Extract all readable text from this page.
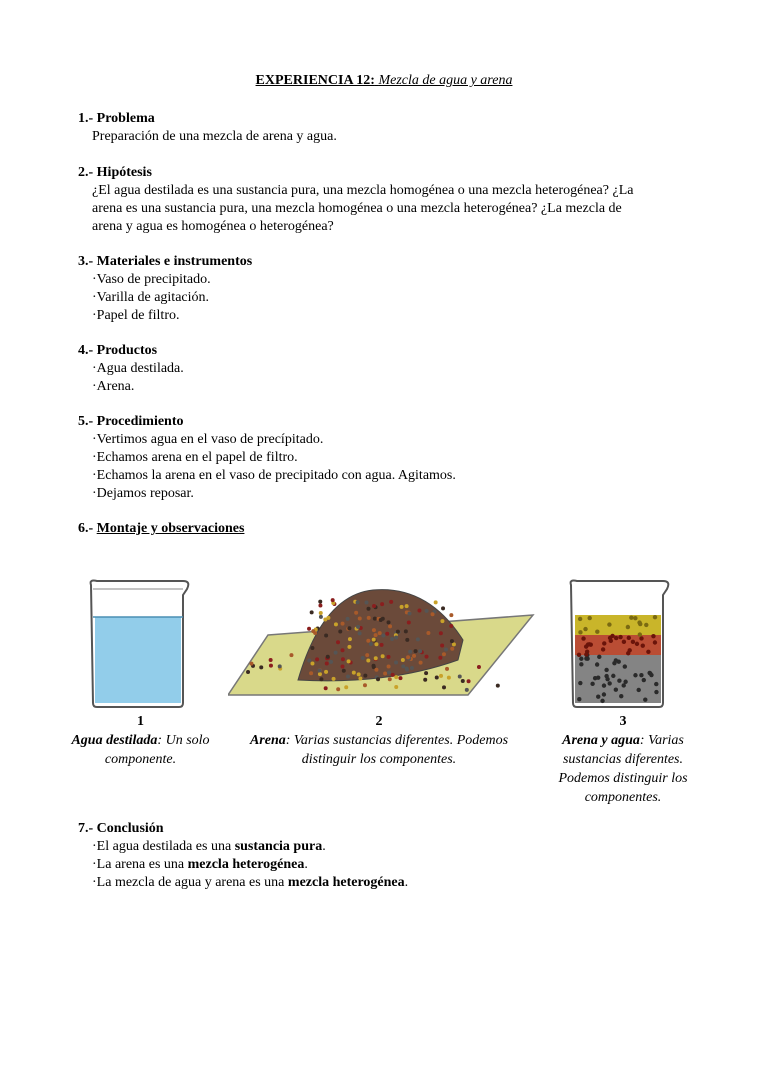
EXPERIENCIA 12: Mezcla de agua y arena
1.- Problema
Preparación de una mezcla de arena y agua.
2.- Hipótesis
¿El agua destilada es una sustancia pura, una mezcla homogénea o una mezcla heterogénea? ¿La
arena es una sustancia pura, una mezcla homogénea o una mezcla heterogénea? ¿La mezcla de
arena y agua es homogénea o heterogénea?
3.- Materiales e instrumentos
· Vaso de precipitado.
· Varilla de agitación.
· Papel de filtro.
4.- Productos
· Agua destilada.
· Arena.
5.- Procedimiento
· Vertimos agua en el vaso de precípitado.
· Echamos arena en el papel de filtro.
· Echamos la arena en el vaso de precipitado con agua. Agitamos.
· Dejamos reposar.
6.- Montaje y observaciones
1
Agua destilada: Un solo componente.
2
Arena: Varias sustancias diferentes. Podemos distinguir los componentes.
3
Arena y agua: Varias sustancias diferentes. Podemos distinguir los componentes.
7.- Conclusión
· El agua destilada es una sustancia pura.
· La arena es una mezcla heterogénea.
· La mezcla de agua y arena es una mezcla heterogénea.
